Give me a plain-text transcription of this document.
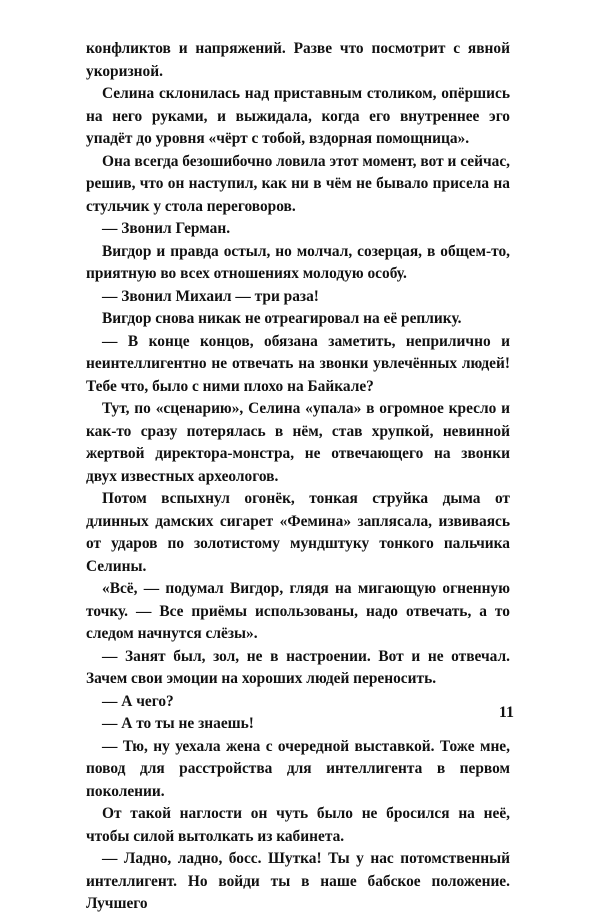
конфликтов и напряжений. Разве что посмотрит с явной укоризной.

Селина склонилась над приставным столиком, опёршись на него руками, и выжидала, когда его внутреннее эго упадёт до уровня «чёрт с тобой, вздорная помощница».

Она всегда безошибочно ловила этот момент, вот и сейчас, решив, что он наступил, как ни в чём не бывало присела на стульчик у стола переговоров.

— Звонил Герман.

Вигдор и правда остыл, но молчал, созерцая, в общем-то, приятную во всех отношениях молодую особу.

— Звонил Михаил — три раза!

Вигдор снова никак не отреагировал на её реплику.

— В конце концов, обязана заметить, неприлично и неинтеллигентно не отвечать на звонки увлечённых людей! Тебе что, было с ними плохо на Байкале?

Тут, по «сценарию», Селина «упала» в огромное кресло и как-то сразу потерялась в нём, став хрупкой, невинной жертвой директора-монстра, не отвечающего на звонки двух известных археологов.

Потом вспыхнул огонёк, тонкая струйка дыма от длинных дамских сигарет «Фемина» заплясала, извиваясь от ударов по золотистому мундштуку тонкого пальчика Селины.

«Всё, — подумал Вигдор, глядя на мигающую огненную точку. — Все приёмы использованы, надо отвечать, а то следом начнутся слёзы».

— Занят был, зол, не в настроении. Вот и не отвечал. Зачем свои эмоции на хороших людей переносить.

— А чего?

— А то ты не знаешь!

— Тю, ну уехала жена с очередной выставкой. Тоже мне, повод для расстройства для интеллигента в первом поколении.

От такой наглости он чуть было не бросился на неё, чтобы силой вытолкать из кабинета.

— Ладно, ладно, босс. Шутка! Ты у нас потомственный интеллигент. Но войди ты в наше бабское положение. Лучшего

11
